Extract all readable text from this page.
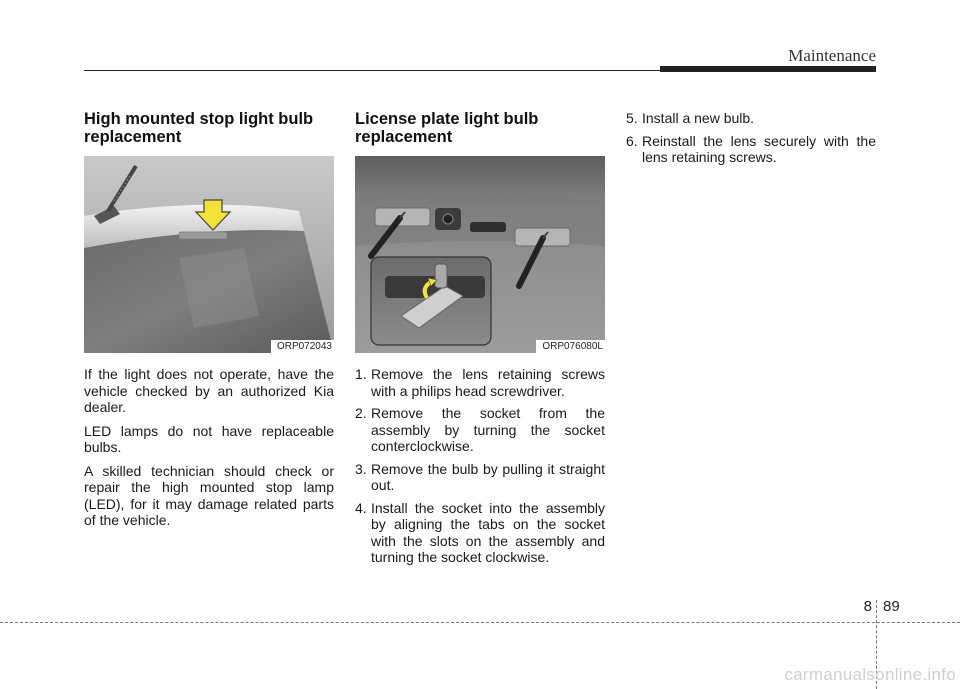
Maintenance
High mounted stop light bulb replacement
ORP072043

If the light does not operate, have the vehicle checked by an authorized Kia dealer.

LED lamps do not have replaceable bulbs.

A skilled technician should check or repair the high mounted stop lamp (LED), for it may damage related parts of the vehicle.

License plate light bulb replacement
ORP076080L
1. Remove the lens retaining screws with a philips head screwdriver.
2. Remove the socket from the assembly by turning the socket conterclockwise.
3. Remove the bulb by pulling it straight out.
4. Install the socket into the assembly by aligning the tabs on the socket with the slots on the assembly and turning the socket clockwise.
5. Install a new bulb.
6. Reinstall the lens securely with the lens retaining screws.
8 89
carmanualsonline.info
